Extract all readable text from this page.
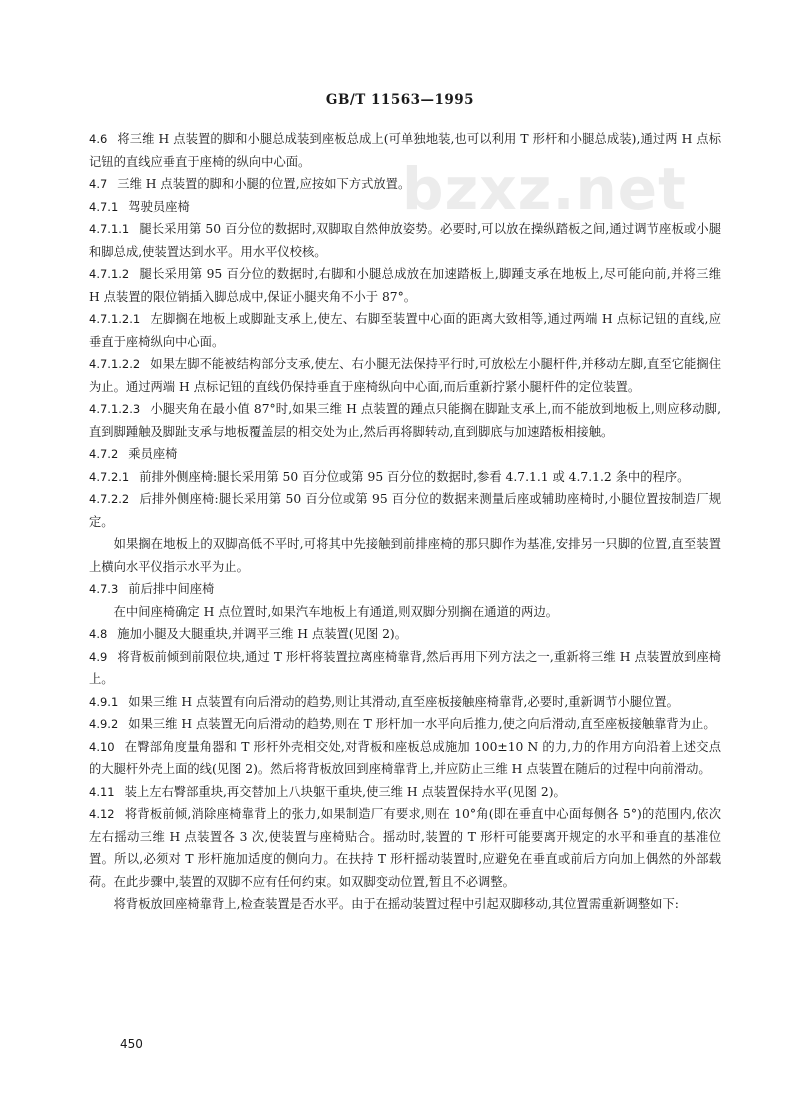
bzxz.net
GB/T 11563—1995

4.6 将三维 H 点装置的脚和小腿总成装到座板总成上(可单独地装,也可以利用 T 形杆和小腿总成装),通过两 H 点标记钮的直线应垂直于座椅的纵向中心面。

4.7 三维 H 点装置的脚和小腿的位置,应按如下方式放置。

4.7.1 驾驶员座椅

4.7.1.1 腿长采用第 50 百分位的数据时,双脚取自然伸放姿势。必要时,可以放在操纵踏板之间,通过调节座板或小腿和脚总成,使装置达到水平。用水平仪校核。

4.7.1.2 腿长采用第 95 百分位的数据时,右脚和小腿总成放在加速踏板上,脚踵支承在地板上,尽可能向前,并将三维 H 点装置的限位销插入脚总成中,保证小腿夹角不小于 87°。

4.7.1.2.1 左脚搁在地板上或脚趾支承上,使左、右脚至装置中心面的距离大致相等,通过两端 H 点标记钮的直线,应垂直于座椅纵向中心面。

4.7.1.2.2 如果左脚不能被结构部分支承,使左、右小腿无法保持平行时,可放松左小腿杆件,并移动左脚,直至它能搁住为止。通过两端 H 点标记钮的直线仍保持垂直于座椅纵向中心面,而后重新拧紧小腿杆件的定位装置。

4.7.1.2.3 小腿夹角在最小值 87°时,如果三维 H 点装置的踵点只能搁在脚趾支承上,而不能放到地板上,则应移动脚,直到脚踵触及脚趾支承与地板覆盖层的相交处为止,然后再将脚转动,直到脚底与加速踏板相接触。

4.7.2 乘员座椅

4.7.2.1 前排外侧座椅:腿长采用第 50 百分位或第 95 百分位的数据时,参看 4.7.1.1 或 4.7.1.2 条中的程序。

4.7.2.2 后排外侧座椅:腿长采用第 50 百分位或第 95 百分位的数据来测量后座或辅助座椅时,小腿位置按制造厂规定。

如果搁在地板上的双脚高低不平时,可将其中先接触到前排座椅的那只脚作为基准,安排另一只脚的位置,直至装置上横向水平仪指示水平为止。

4.7.3 前后排中间座椅

在中间座椅确定 H 点位置时,如果汽车地板上有通道,则双脚分别搁在通道的两边。

4.8 施加小腿及大腿重块,并调平三维 H 点装置(见图 2)。

4.9 将背板前倾到前限位块,通过 T 形杆将装置拉离座椅靠背,然后再用下列方法之一,重新将三维 H 点装置放到座椅上。

4.9.1 如果三维 H 点装置有向后滑动的趋势,则让其滑动,直至座板接触座椅靠背,必要时,重新调节小腿位置。

4.9.2 如果三维 H 点装置无向后滑动的趋势,则在 T 形杆加一水平向后推力,使之向后滑动,直至座板接触靠背为止。

4.10 在臀部角度量角器和 T 形杆外壳相交处,对背板和座板总成施加 100±10 N 的力,力的作用方向沿着上述交点的大腿杆外壳上面的线(见图 2)。然后将背板放回到座椅靠背上,并应防止三维 H 点装置在随后的过程中向前滑动。

4.11 装上左右臀部重块,再交替加上八块躯干重块,使三维 H 点装置保持水平(见图 2)。

4.12 将背板前倾,消除座椅靠背上的张力,如果制造厂有要求,则在 10°角(即在垂直中心面每侧各 5°)的范围内,依次左右摇动三维 H 点装置各 3 次,使装置与座椅贴合。摇动时,装置的 T 形杆可能要离开规定的水平和垂直的基准位置。所以,必须对 T 形杆施加适度的侧向力。在扶持 T 形杆摇动装置时,应避免在垂直或前后方向加上偶然的外部载荷。在此步骤中,装置的双脚不应有任何约束。如双脚变动位置,暂且不必调整。

将背板放回座椅靠背上,检查装置是否水平。由于在摇动装置过程中引起双脚移动,其位置需重新调整如下:

450
